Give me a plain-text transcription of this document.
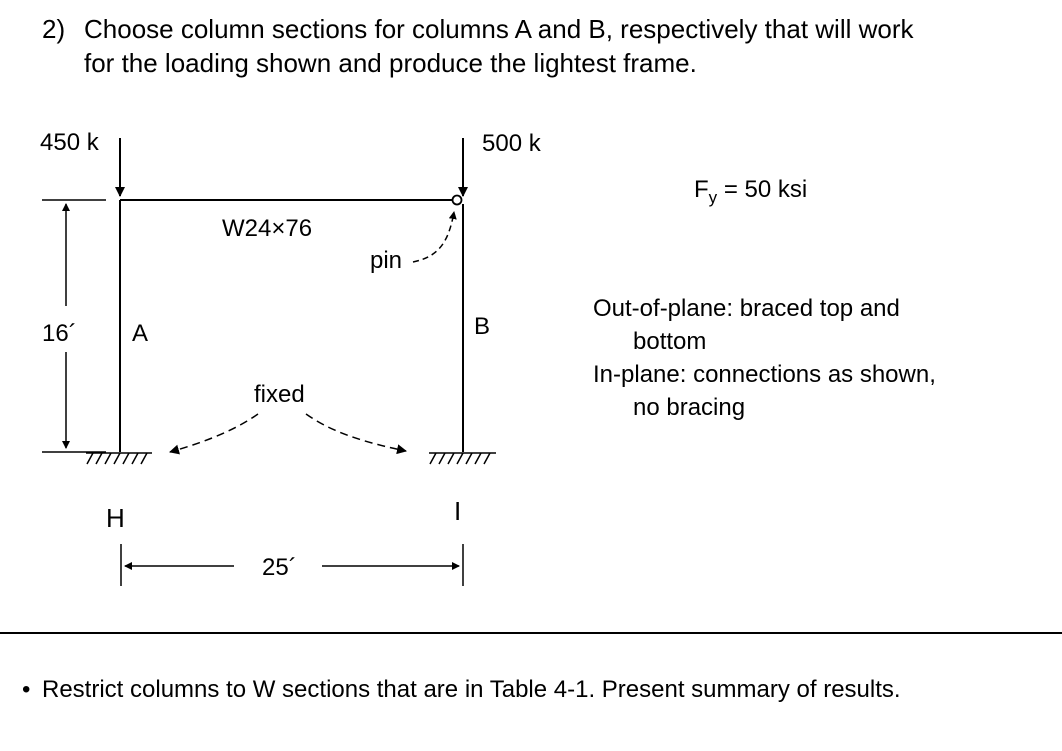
2) Choose column sections for columns A and B, respectively that will work
for the loading shown and produce the lightest frame.
450 k	500 k
W24×76
pin
A	B
16´
fixed
H	I
25´
$F_y = 50$ ksi
Out-of-plane: braced top and
bottom
In-plane: connections as shown,
no bracing
• Restrict columns to W sections that are in Table 4-1. Present summary of results.
